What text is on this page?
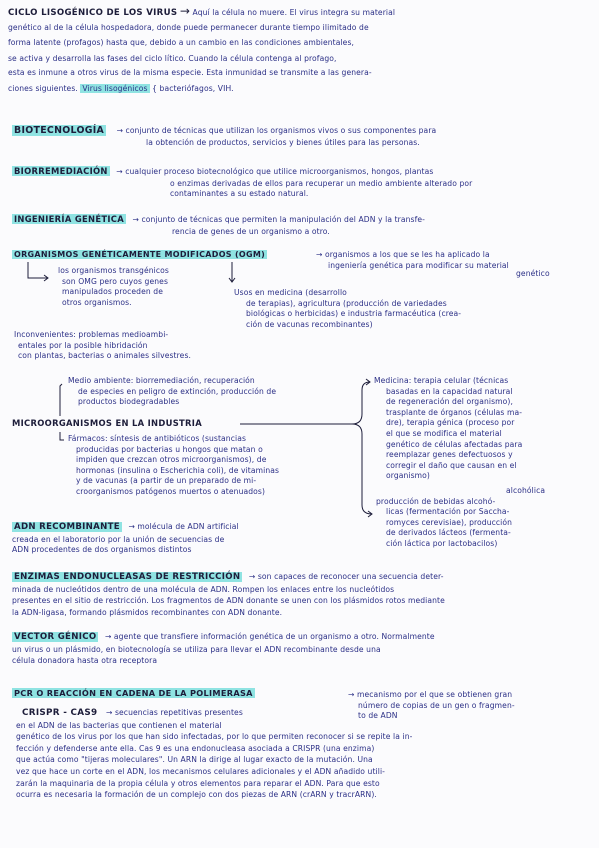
CICLO LISOGÉNICO DE LOS VIRUS → Aquí la célula no muere. El virus integra su material

genético al de la célula hospedadora, donde puede permanecer durante tiempo ilimitado de

forma latente (profagos) hasta que, debido a un cambio en las condiciones ambientales,

se activa y desarrolla las fases del ciclo lítico. Cuando la célula contenga al profago,

esta es inmune a otros virus de la misma especie. Esta inmunidad se transmite a las genera-

ciones siguientes. Virus lisogénicos { bacteriófagos, VIH.

BIOTECNOLOGÍA → conjunto de técnicas que utilizan los organismos vivos o sus componentes para

la obtención de productos, servicios y bienes útiles para las personas.

BIORREMEDIACIÓN → cualquier proceso biotecnológico que utilice microorganismos, hongos, plantas

o enzimas derivadas de ellos para recuperar un medio ambiente alterado por

contaminantes a su estado natural.

INGENIERÍA GENÉTICA → conjunto de técnicas que permiten la manipulación del ADN y la transfe-

rencia de genes de un organismo a otro.

ORGANISMOS GENÉTICAMENTE MODIFICADOS (OGM)	→ organismos a los que se les ha aplicado la

ingeniería genética para modificar su material

genético

los organismos transgénicos

son OMG pero cuyos genes

manipulados proceden de

otros organismos.

Usos en medicina (desarrollo

de terapias), agricultura (producción de variedades

biológicas o herbicidas) e industria farmacéutica (crea-

ción de vacunas recombinantes)

Inconvenientes: problemas medioambi-

entales por la posible hibridación

con plantas, bacterias o animales silvestres.

Medio ambiente: biorremediación, recuperación

de especies en peligro de extinción, producción de

productos biodegradables

MICROORGANISMOS EN LA INDUSTRIA

Fármacos: síntesis de antibióticos (sustancias

producidas por bacterias u hongos que matan o

impiden que crezcan otros microorganismos), de

hormonas (insulina o Escherichia coli), de vitaminas

y de vacunas (a partir de un preparado de mi-

croorganismos patógenos muertos o atenuados)

Medicina: terapia celular (técnicas

basadas en la capacidad natural

de regeneración del organismo),

trasplante de órganos (células ma-

dre), terapia génica (proceso por

el que se modifica el material

genético de células afectadas para

reemplazar genes defectuosos y

corregir el daño que causan en el

organismo)

alcohólica

producción de bebidas alcohó-

licas (fermentación por Saccha-

romyces cerevisiae), producción

de derivados lácteos (fermenta-

ción láctica por lactobacilos)

ADN RECOMBINANTE → molécula de ADN artificial

creada en el laboratorio por la unión de secuencias de

ADN procedentes de dos organismos distintos

ENZIMAS ENDONUCLEASAS DE RESTRICCIÓN → son capaces de reconocer una secuencia deter-

minada de nucleótidos dentro de una molécula de ADN. Rompen los enlaces entre los nucleótidos

presentes en el sitio de restricción. Los fragmentos de ADN donante se unen con los plásmidos rotos mediante

la ADN-ligasa, formando plásmidos recombinantes con ADN donante.

VECTOR GÉNICO → agente que transfiere información genética de un organismo a otro. Normalmente

un virus o un plásmido, en biotecnología se utiliza para llevar el ADN recombinante desde una

célula donadora hasta otra receptora

PCR O REACCIÓN EN CADENA DE LA POLIMERASA	→ mecanismo por el que se obtienen gran

número de copias de un gen o fragmen-

to de ADN

CRISPR - CAS9 → secuencias repetitivas presentes

en el ADN de las bacterias que contienen el material

genético de los virus por los que han sido infectadas, por lo que permiten reconocer si se repite la in-

fección y defenderse ante ella. Cas 9 es una endonucleasa asociada a CRISPR (una enzima)

que actúa como "tijeras moleculares". Un ARN la dirige al lugar exacto de la mutación. Una

vez que hace un corte en el ADN, los mecanismos celulares adicionales y el ADN añadido utili-

zarán la maquinaria de la propia célula y otros elementos para reparar el ADN. Para que esto

ocurra es necesaria la formación de un complejo con dos piezas de ARN (crARN y tracrARN).
